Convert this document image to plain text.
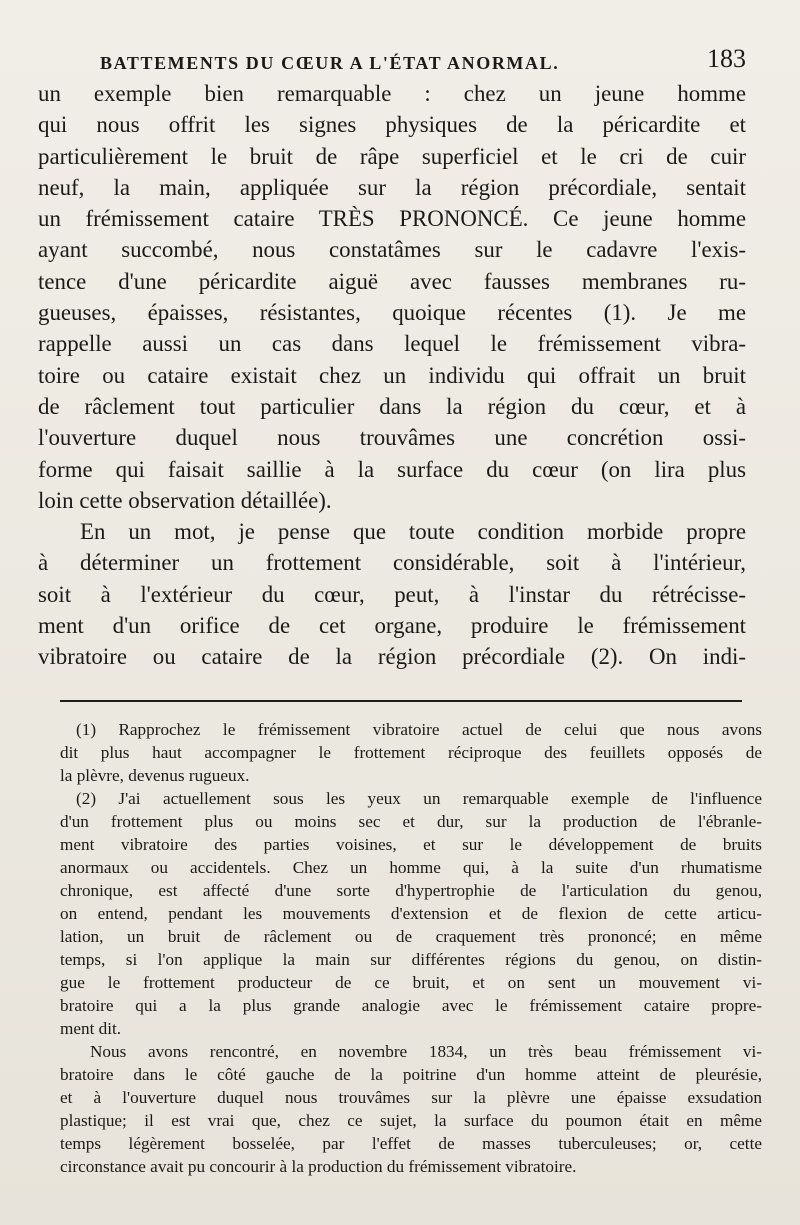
BATTEMENTS DU CŒUR A L'ÉTAT ANORMAL.	183
un exemple bien remarquable : chez un jeune homme
qui nous offrit les signes physiques de la péricardite et
particulièrement le bruit de râpe superficiel et le cri de cuir
neuf, la main, appliquée sur la région précordiale, sentait
un frémissement cataire TRÈS PRONONCÉ. Ce jeune homme
ayant succombé, nous constatâmes sur le cadavre l'exis-
tence d'une péricardite aiguë avec fausses membranes ru-
gueuses, épaisses, résistantes, quoique récentes (1). Je me
rappelle aussi un cas dans lequel le frémissement vibra-
toire ou cataire existait chez un individu qui offrait un bruit
de râclement tout particulier dans la région du cœur, et à
l'ouverture duquel nous trouvâmes une concrétion ossi-
forme qui faisait saillie à la surface du cœur (on lira plus
loin cette observation détaillée).
En un mot, je pense que toute condition morbide propre
à déterminer un frottement considérable, soit à l'intérieur,
soit à l'extérieur du cœur, peut, à l'instar du rétrécisse-
ment d'un orifice de cet organe, produire le frémissement
vibratoire ou cataire de la région précordiale (2). On indi-
(1) Rapprochez le frémissement vibratoire actuel de celui que nous avons
dit plus haut accompagner le frottement réciproque des feuillets opposés de
la plèvre, devenus rugueux.
(2) J'ai actuellement sous les yeux un remarquable exemple de l'influence
d'un frottement plus ou moins sec et dur, sur la production de l'ébranle-
ment vibratoire des parties voisines, et sur le développement de bruits
anormaux ou accidentels. Chez un homme qui, à la suite d'un rhumatisme
chronique, est affecté d'une sorte d'hypertrophie de l'articulation du genou,
on entend, pendant les mouvements d'extension et de flexion de cette articu-
lation, un bruit de râclement ou de craquement très prononcé; en même
temps, si l'on applique la main sur différentes régions du genou, on distin-
gue le frottement producteur de ce bruit, et on sent un mouvement vi-
bratoire qui a la plus grande analogie avec le frémissement cataire propre-
ment dit.
Nous avons rencontré, en novembre 1834, un très beau frémissement vi-
bratoire dans le côté gauche de la poitrine d'un homme atteint de pleurésie,
et à l'ouverture duquel nous trouvâmes sur la plèvre une épaisse exsudation
plastique; il est vrai que, chez ce sujet, la surface du poumon était en même
temps légèrement bosselée, par l'effet de masses tuberculeuses; or, cette
circonstance avait pu concourir à la production du frémissement vibratoire.
